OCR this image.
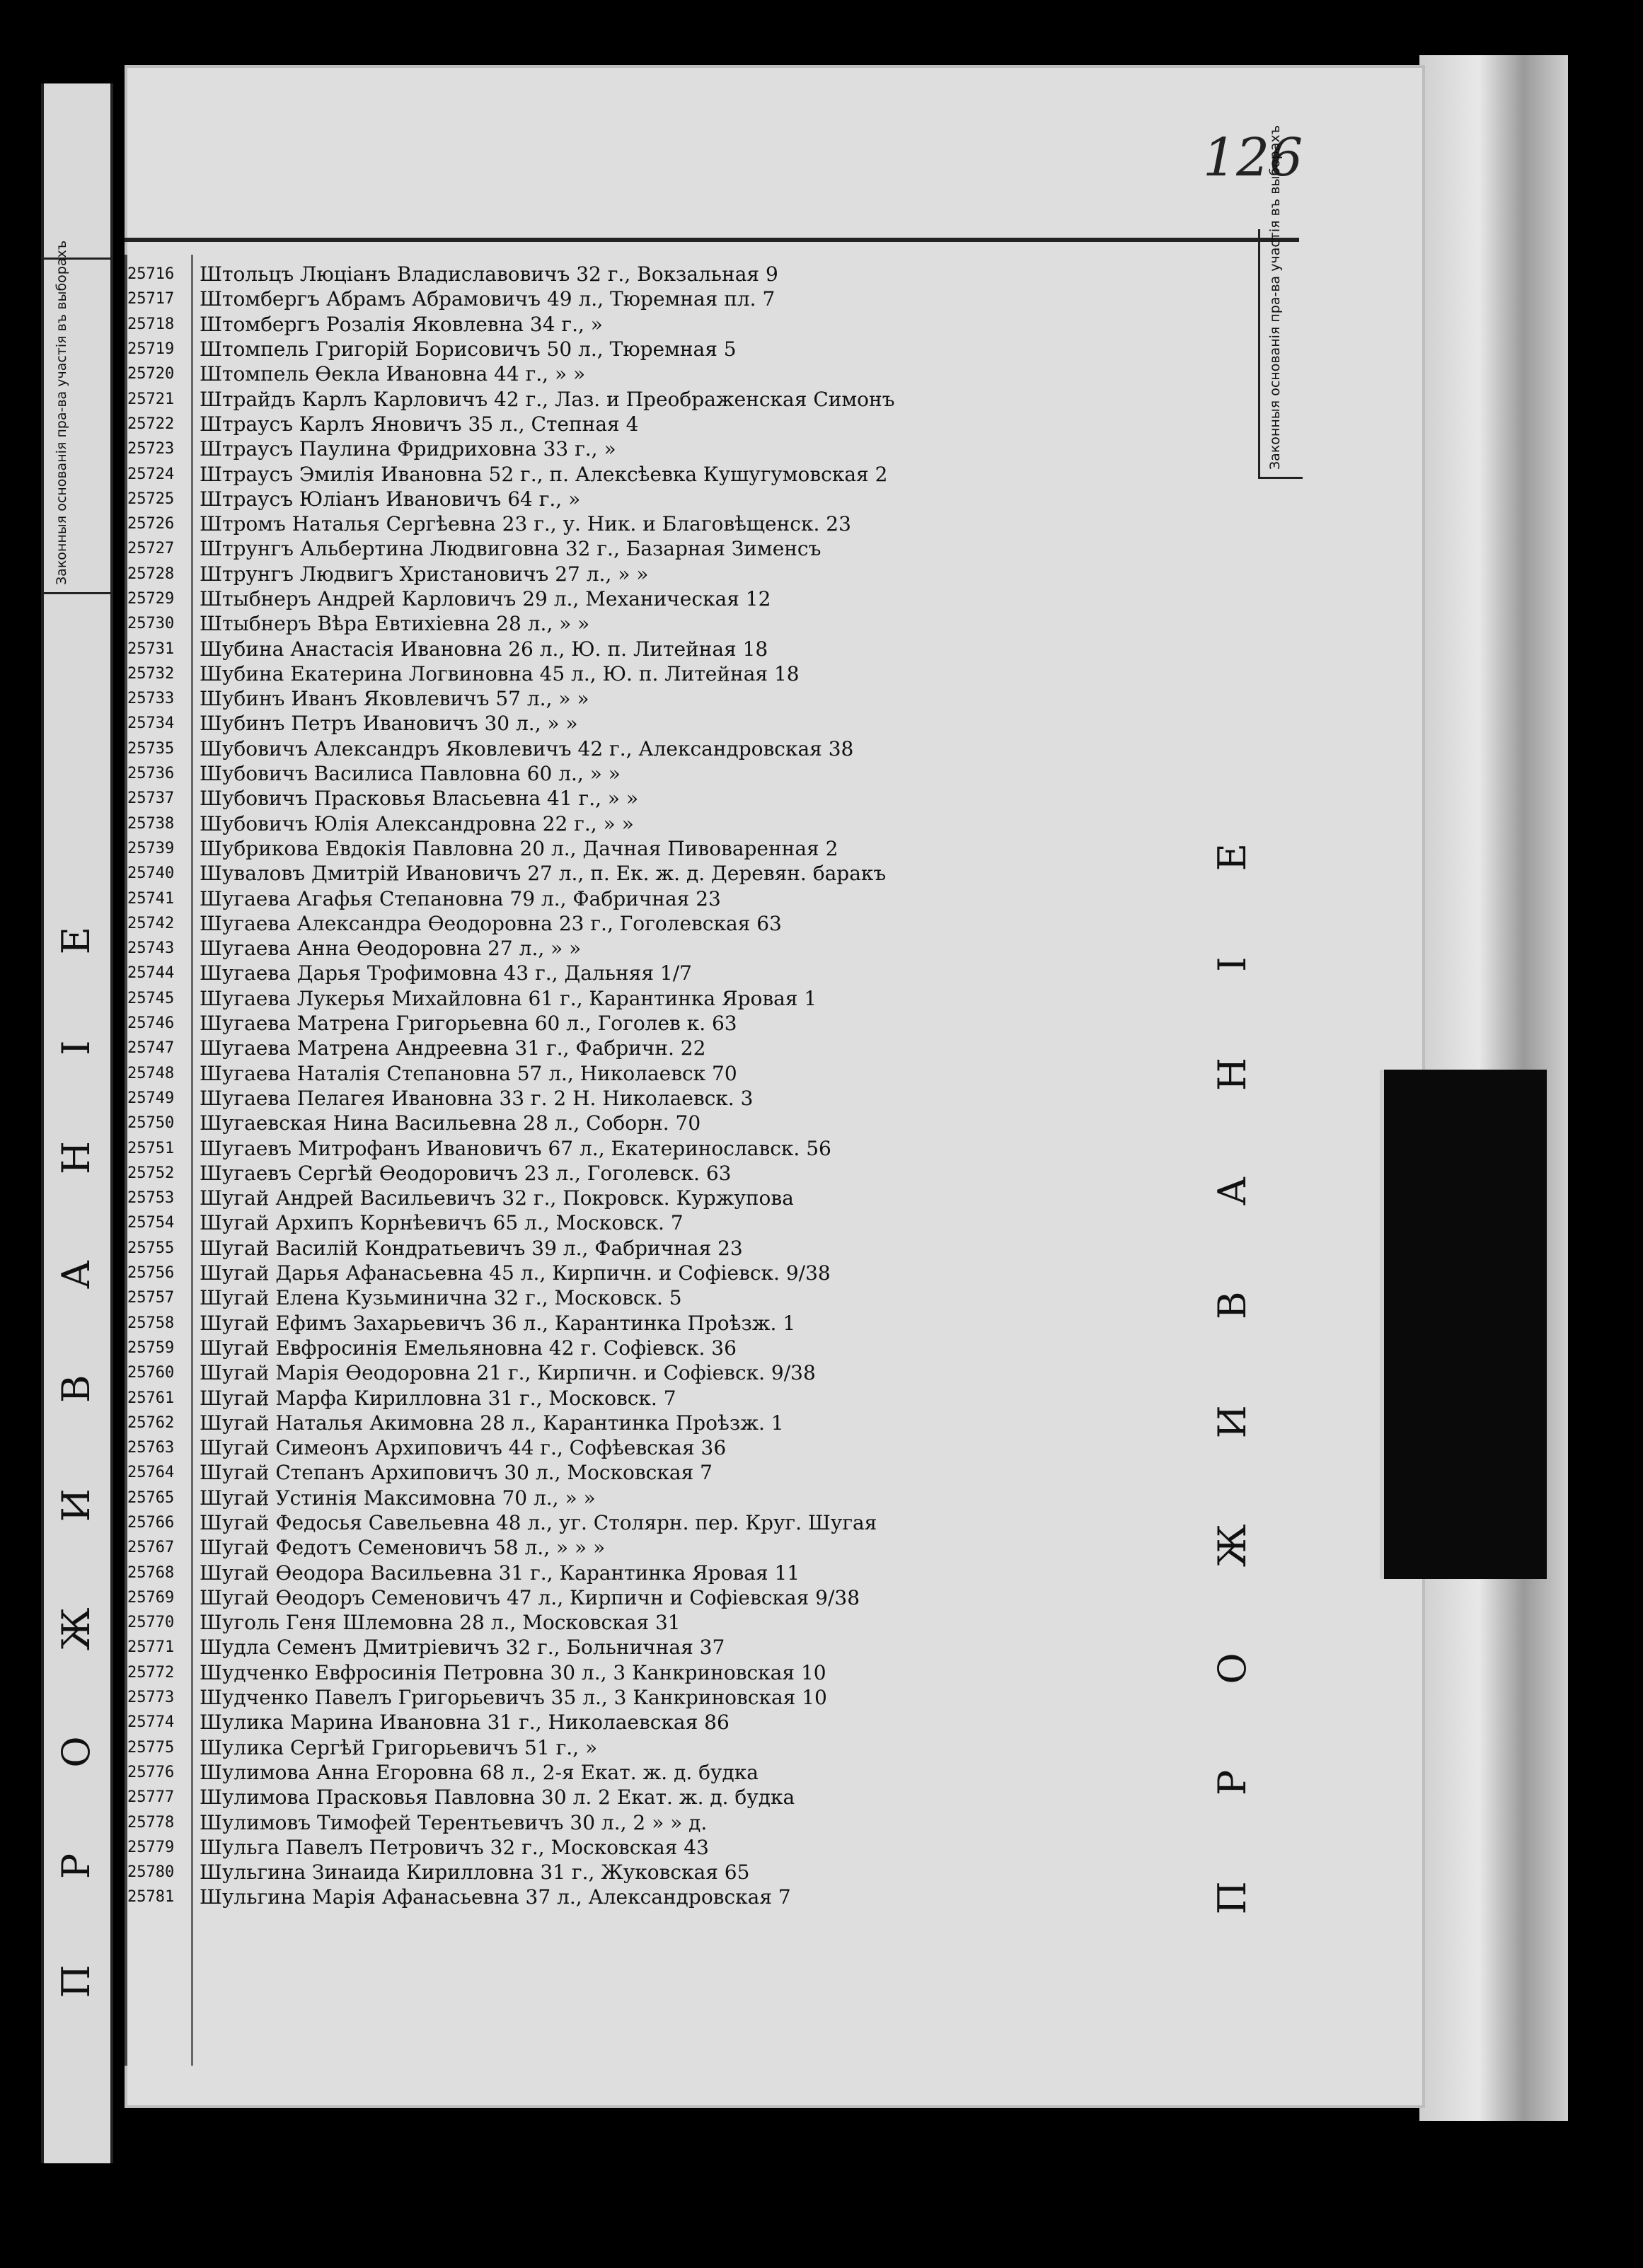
Законныя основанія пра-ва участія въ выборахъ
П Р О Ж И В А Н І Е
126
Законныя основанія пра-ва участія въ выборахъ
П Р О Ж И В А Н І Е
25716	Штольцъ Люціанъ Владиславовичъ 32 г., Вокзальная 9
25717	Штомбергъ Абрамъ Абрамовичъ 49 л., Тюремная пл. 7
25718	Штомбергъ Розалія Яковлевна 34 г., »
25719	Штомпель Григорій Борисовичъ 50 л., Тюремная 5
25720	Штомпель Ѳекла Ивановна 44 г., » »
25721	Штрайдъ Карлъ Карловичъ 42 г., Лаз. и Преображенская Симонъ
25722	Штраусъ Карлъ Яновичъ 35 л., Степная 4
25723	Штраусъ Паулина Фридриховна 33 г., »
25724	Штраусъ Эмилія Ивановна 52 г., п. Алексѣевка Кушугумовская 2
25725	Штраусъ Юліанъ Ивановичъ 64 г., »
25726	Штромъ Наталья Сергѣевна 23 г., у. Ник. и Благовѣщенск. 23
25727	Штрунгъ Альбертина Людвиговна 32 г., Базарная Зименсъ
25728	Штрунгъ Людвигъ Христановичъ 27 л., » »
25729	Штыбнеръ Андрей Карловичъ 29 л., Механическая 12
25730	Штыбнеръ Вѣра Евтихіевна 28 л., » »
25731	Шубина Анастасія Ивановна 26 л., Ю. п. Литейная 18
25732	Шубина Екатерина Логвиновна 45 л., Ю. п. Литейная 18
25733	Шубинъ Иванъ Яковлевичъ 57 л., » »
25734	Шубинъ Петръ Ивановичъ 30 л., » »
25735	Шубовичъ Александръ Яковлевичъ 42 г., Александровская 38
25736	Шубовичъ Василиса Павловна 60 л., » »
25737	Шубовичъ Прасковья Власьевна 41 г., » »
25738	Шубовичъ Юлія Александровна 22 г., » »
25739	Шубрикова Евдокія Павловна 20 л., Дачная Пивоваренная 2
25740	Шуваловъ Дмитрій Ивановичъ 27 л., п. Ек. ж. д. Деревян. баракъ
25741	Шугаева Агафья Степановна 79 л., Фабричная 23
25742	Шугаева Александра Ѳеодоровна 23 г., Гоголевская 63
25743	Шугаева Анна Ѳеодоровна 27 л., » »
25744	Шугаева Дарья Трофимовна 43 г., Дальняя 1/7
25745	Шугаева Лукерья Михайловна 61 г., Карантинка Яровая 1
25746	Шугаева Матрена Григорьевна 60 л., Гоголев к. 63
25747	Шугаева Матрена Андреевна 31 г., Фабричн. 22
25748	Шугаева Наталія Степановна 57 л., Николаевск 70
25749	Шугаева Пелагея Ивановна 33 г. 2 Н. Николаевск. 3
25750	Шугаевская Нина Васильевна 28 л., Соборн. 70
25751	Шугаевъ Митрофанъ Ивановичъ 67 л., Екатеринославск. 56
25752	Шугаевъ Сергѣй Ѳеодоровичъ 23 л., Гоголевск. 63
25753	Шугай Андрей Васильевичъ 32 г., Покровск. Куржупова
25754	Шугай Архипъ Корнѣевичъ 65 л., Московск. 7
25755	Шугай Василій Кондратьевичъ 39 л., Фабричная 23
25756	Шугай Дарья Афанасьевна 45 л., Кирпичн. и Софіевск. 9/38
25757	Шугай Елена Кузьминична 32 г., Московск. 5
25758	Шугай Ефимъ Захарьевичъ 36 л., Карантинка Проѣзж. 1
25759	Шугай Евфросинія Емельяновна 42 г. Софіевск. 36
25760	Шугай Марія Ѳеодоровна 21 г., Кирпичн. и Софіевск. 9/38
25761	Шугай Марфа Кирилловна 31 г., Московск. 7
25762	Шугай Наталья Акимовна 28 л., Карантинка Проѣзж. 1
25763	Шугай Симеонъ Архиповичъ 44 г., Софѣевская 36
25764	Шугай Степанъ Архиповичъ 30 л., Московская 7
25765	Шугай Устинія Максимовна 70 л., » »
25766	Шугай Федосья Савельевна 48 л., уг. Столярн. пер. Круг. Шугая
25767	Шугай Федотъ Семеновичъ 58 л., » » »
25768	Шугай Ѳеодора Васильевна 31 г., Карантинка Яровая 11
25769	Шугай Ѳеодоръ Семеновичъ 47 л., Кирпичн и Софіевская 9/38
25770	Шуголь Геня Шлемовна 28 л., Московская 31
25771	Шудла Семенъ Дмитріевичъ 32 г., Больничная 37
25772	Шудченко Евфросинія Петровна 30 л., 3 Канкриновская 10
25773	Шудченко Павелъ Григорьевичъ 35 л., 3 Канкриновская 10
25774	Шулика Марина Ивановна 31 г., Николаевская 86
25775	Шулика Сергѣй Григорьевичъ 51 г., »
25776	Шулимова Анна Егоровна 68 л., 2-я Екат. ж. д. будка
25777	Шулимова Прасковья Павловна 30 л. 2 Екат. ж. д. будка
25778	Шулимовъ Тимофей Терентьевичъ 30 л., 2 » » д.
25779	Шульга Павелъ Петровичъ 32 г., Московская 43
25780	Шульгина Зинаида Кирилловна 31 г., Жуковская 65
25781	Шульгина Марія Афанасьевна 37 л., Александровская 7
